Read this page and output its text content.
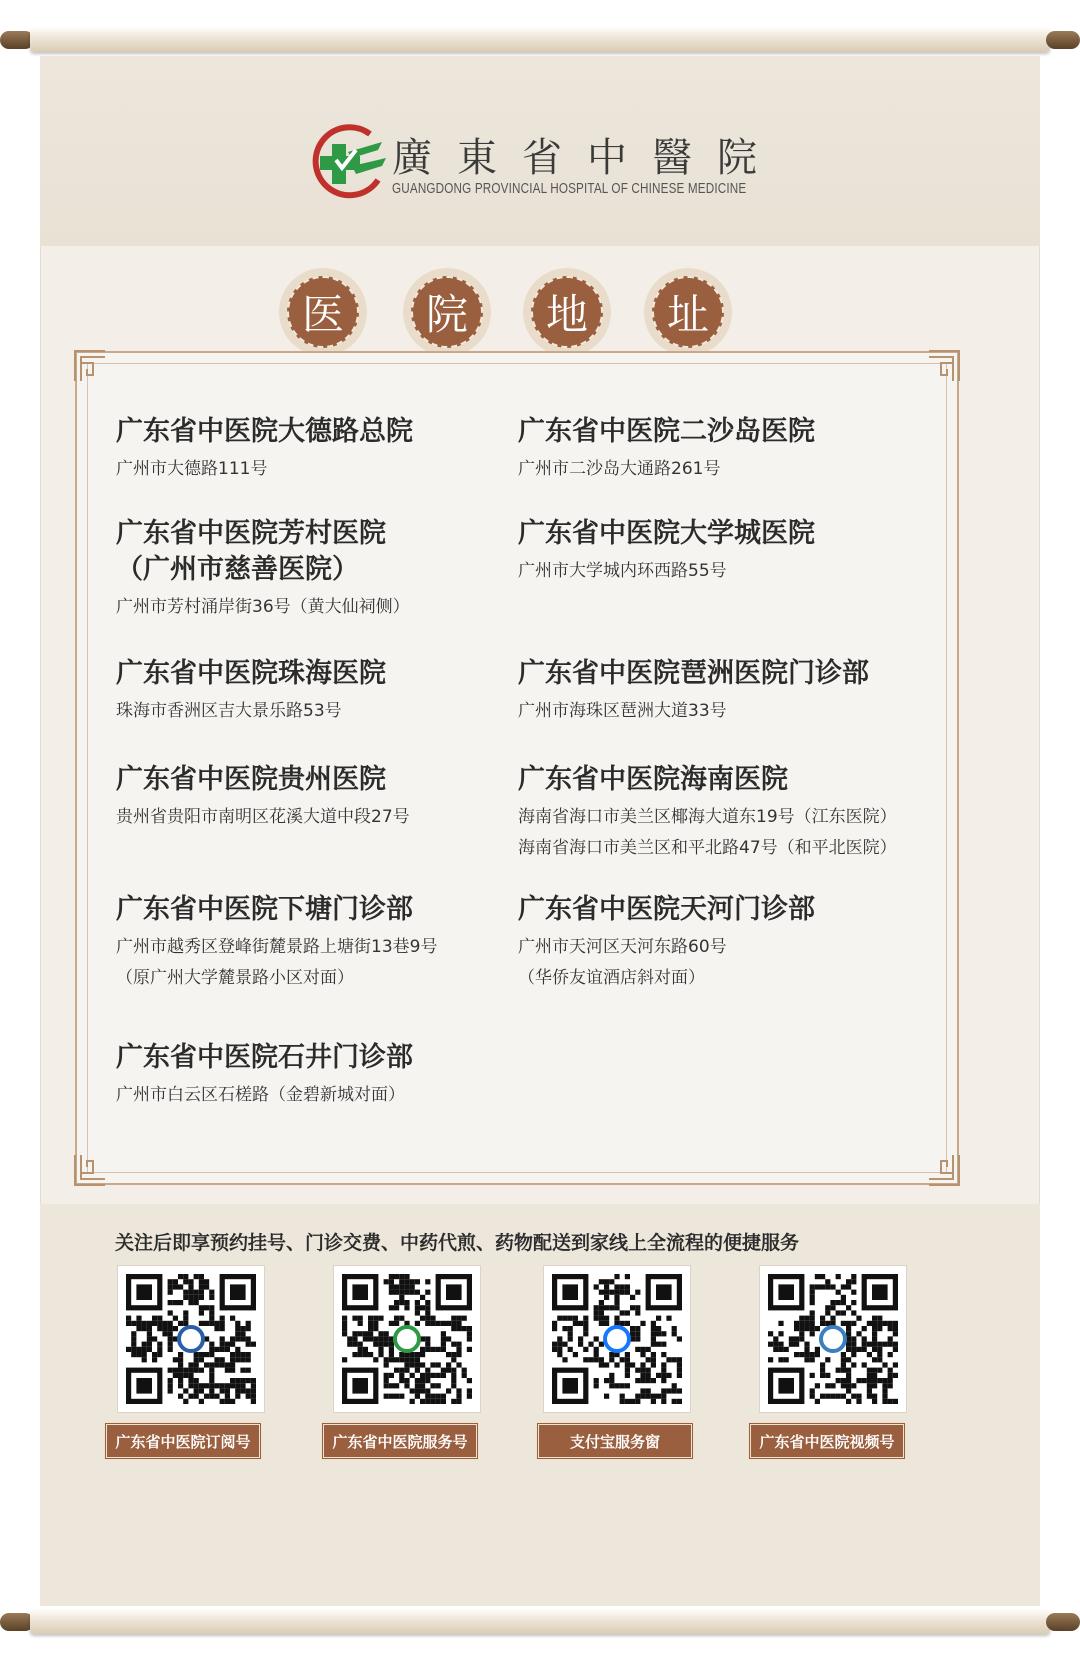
廣東省中醫院
GUANGDONG PROVINCIAL HOSPITAL OF CHINESE MEDICINE
医	院	地	址
广东省中医院大德路总院
广州市大德路111号
广东省中医院芳村医院
（广州市慈善医院）
广州市芳村涌岸街36号（黄大仙祠侧）
广东省中医院珠海医院
珠海市香洲区吉大景乐路53号
广东省中医院贵州医院
贵州省贵阳市南明区花溪大道中段27号
广东省中医院下塘门诊部
广州市越秀区登峰街麓景路上塘街13巷9号
（原广州大学麓景路小区对面）
广东省中医院石井门诊部
广州市白云区石槎路（金碧新城对面）
广东省中医院二沙岛医院
广州市二沙岛大通路261号
广东省中医院大学城医院
广州市大学城内环西路55号
广东省中医院琶洲医院门诊部
广州市海珠区琶洲大道33号
广东省中医院海南医院
海南省海口市美兰区椰海大道东19号（江东医院）
海南省海口市美兰区和平北路47号（和平北医院）
广东省中医院天河门诊部
广州市天河区天河东路60号
（华侨友谊酒店斜对面）
关注后即享预约挂号、门诊交费、中药代煎、药物配送到家线上全流程的便捷服务
广东省中医院订阅号	广东省中医院服务号	支付宝服务窗	广东省中医院视频号
